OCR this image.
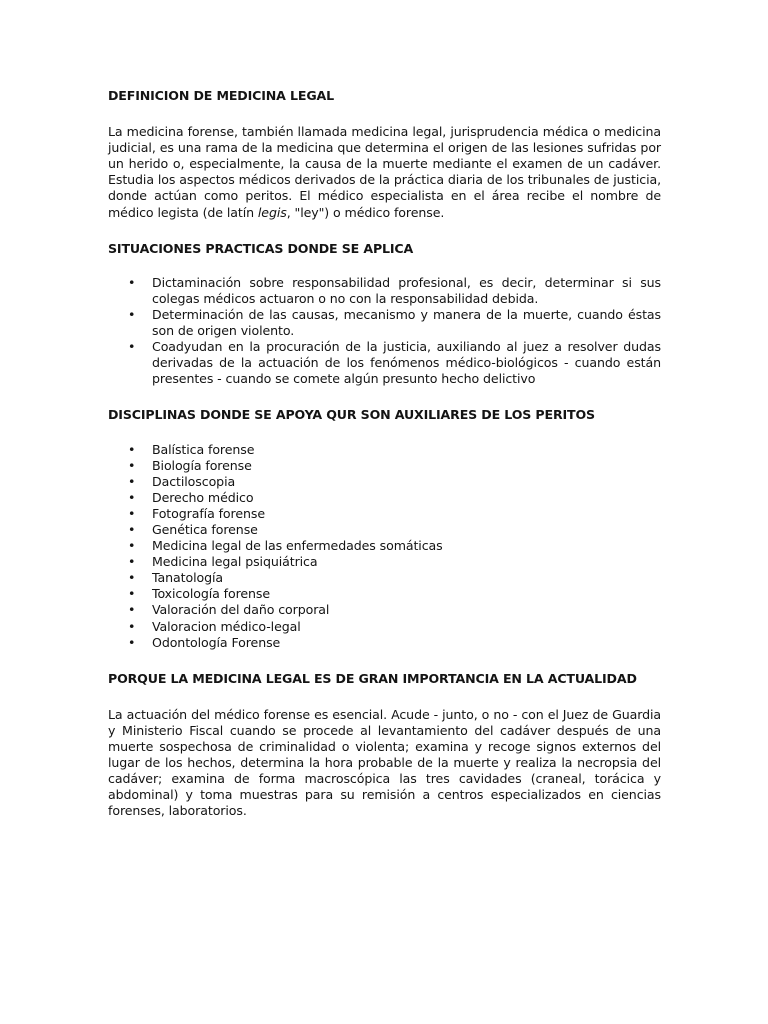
DEFINICION DE MEDICINA LEGAL

La medicina forense, también llamada medicina legal, jurisprudencia médica o medicina judicial, es una rama de la medicina que determina el origen de las lesiones sufridas por un herido o, especialmente, la causa de la muerte mediante el examen de un cadáver. Estudia los aspectos médicos derivados de la práctica diaria de los tribunales de justicia, donde actúan como peritos. El médico especialista en el área recibe el nombre de médico legista (de latín legis, "ley") o médico forense.

SITUACIONES PRACTICAS DONDE SE APLICA
• Dictaminación sobre responsabilidad profesional, es decir, determinar si sus colegas médicos actuaron o no con la responsabilidad debida.
• Determinación de las causas, mecanismo y manera de la muerte, cuando éstas son de origen violento.
• Coadyudan en la procuración de la justicia, auxiliando al juez a resolver dudas derivadas de la actuación de los fenómenos médico-biológicos - cuando están presentes - cuando se comete algún presunto hecho delictivo
DISCIPLINAS DONDE SE APOYA QUR SON AUXILIARES DE LOS PERITOS
• Balística forense
• Biología forense
• Dactiloscopia
• Derecho médico
• Fotografía forense
• Genética forense
• Medicina legal de las enfermedades somáticas
• Medicina legal psiquiátrica
• Tanatología
• Toxicología forense
• Valoración del daño corporal
• Valoracion médico-legal
• Odontología Forense
PORQUE LA MEDICINA LEGAL ES DE GRAN IMPORTANCIA EN LA ACTUALIDAD

La actuación del médico forense es esencial. Acude - junto, o no - con el Juez de Guardia y Ministerio Fiscal cuando se procede al levantamiento del cadáver después de una muerte sospechosa de criminalidad o violenta; examina y recoge signos externos del lugar de los hechos, determina la hora probable de la muerte y realiza la necropsia del cadáver; examina de forma macroscópica las tres cavidades (craneal, torácica y abdominal) y toma muestras para su remisión a centros especializados en ciencias forenses, laboratorios.
